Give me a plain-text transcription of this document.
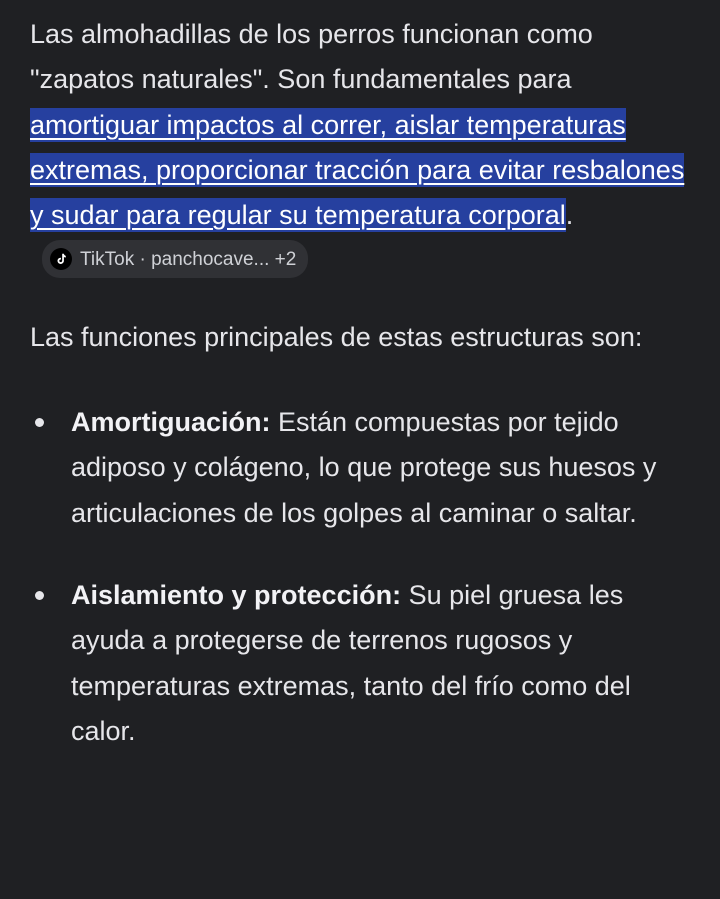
Las almohadillas de los perros funcionan como "zapatos naturales". Son fundamentales para amortiguar impactos al correr, aislar temperaturas extremas, proporcionar tracción para evitar resbalones y sudar para regular su temperatura corporal.
TikTok · panchocave... +2

Las funciones principales de estas estructuras son:

Amortiguación: Están compuestas por tejido adiposo y colágeno, lo que protege sus huesos y articulaciones de los golpes al caminar o saltar.
Aislamiento y protección: Su piel gruesa les ayuda a protegerse de terrenos rugosos y temperaturas extremas, tanto del frío como del calor.
